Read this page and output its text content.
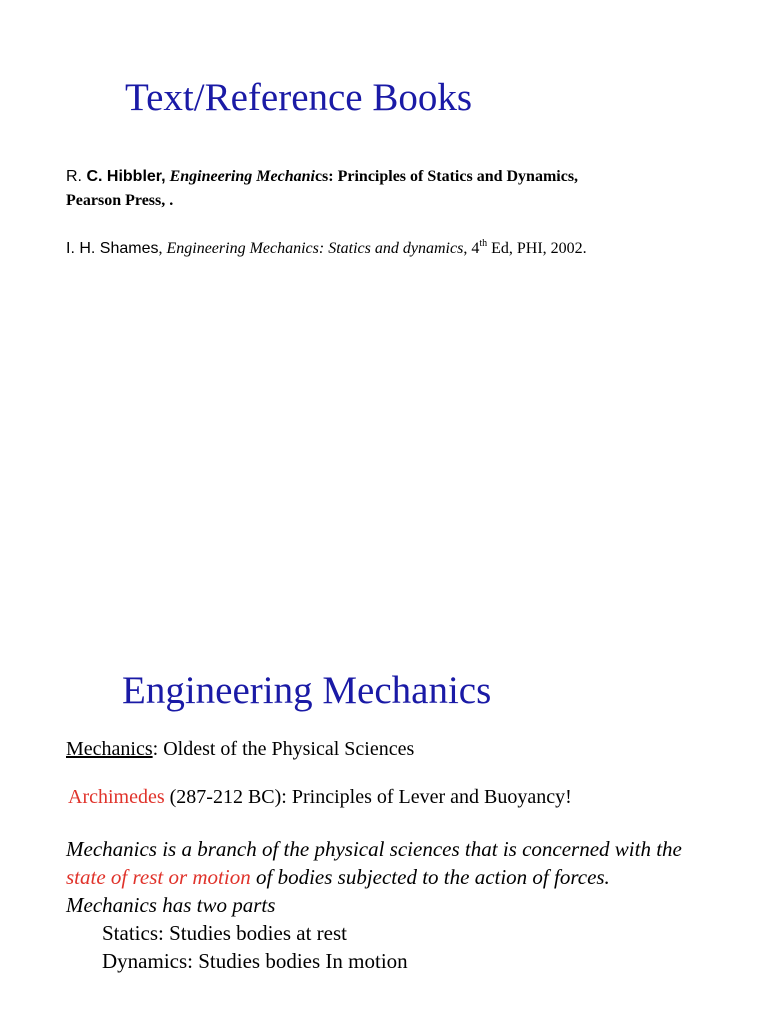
Text/Reference Books
R. C. Hibbler, Engineering Mechanics: Principles of Statics and Dynamics,
Pearson Press, .
I. H. Shames, Engineering Mechanics: Statics and dynamics, 4th Ed, PHI, 2002.
Engineering Mechanics
Mechanics: Oldest of the Physical Sciences
Archimedes (287-212 BC): Principles of Lever and Buoyancy!
Mechanics is a branch of the physical sciences that is concerned with the
state of rest or motion of bodies subjected to the action of forces.
Mechanics has two parts
Statics: Studies bodies at rest
Dynamics: Studies bodies In motion
